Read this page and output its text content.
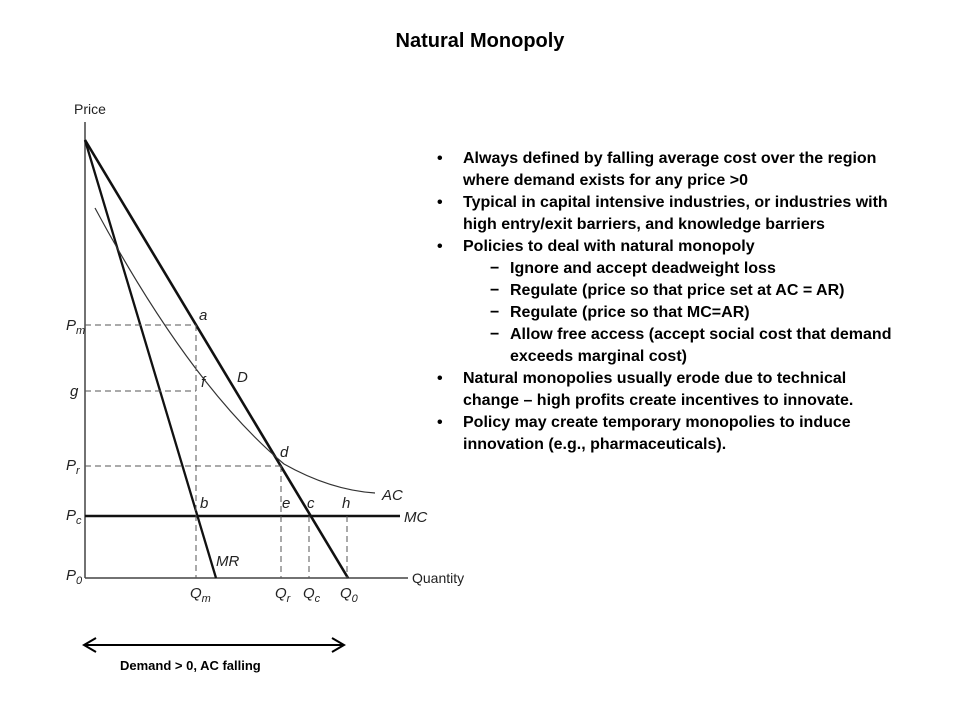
Natural Monopoly
Price
Quantity
D
AC
MC
MR
$P_m$
g
$P_r$
$P_c$
$P_0$
a
f
d
b	e c h
$Q_m$	$Q_r$ $Q_c$ $Q_0$
Demand > 0, AC falling
• Always defined by falling average cost over the region where demand exists for any price >0
• Typical in capital intensive industries, or industries with high entry/exit barriers, and knowledge barriers
• Policies to deal with natural monopoly
− Ignore and accept deadweight loss
− Regulate (price so that price set at AC = AR)
− Regulate (price so that MC=AR)
− Allow free access (accept social cost that demand exceeds marginal cost)
• Natural monopolies usually erode due to technical change – high profits create incentives to innovate.
• Policy may create temporary monopolies to induce innovation (e.g., pharmaceuticals).
